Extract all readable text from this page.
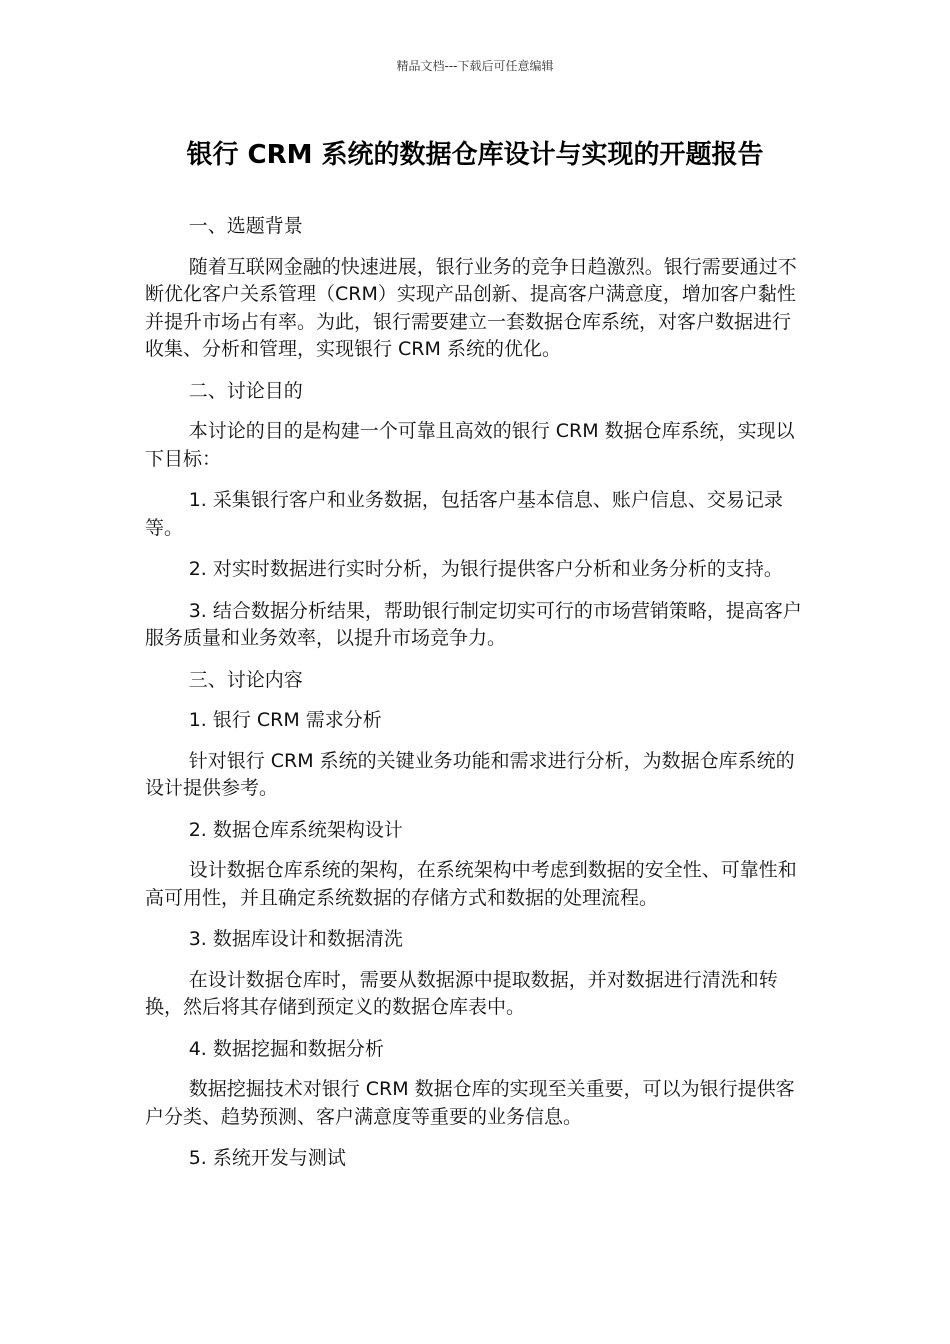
精品文档---下载后可任意编辑
银行 CRM 系统的数据仓库设计与实现的开题报告

一、选题背景

随着互联网金融的快速进展，银行业务的竞争日趋激烈。银行需要通过不断优化客户关系管理（CRM）实现产品创新、提高客户满意度，增加客户黏性并提升市场占有率。为此，银行需要建立一套数据仓库系统，对客户数据进行收集、分析和管理，实现银行 CRM 系统的优化。

二、讨论目的

本讨论的目的是构建一个可靠且高效的银行 CRM 数据仓库系统，实现以下目标：

1. 采集银行客户和业务数据，包括客户基本信息、账户信息、交易记录等。

2. 对实时数据进行实时分析，为银行提供客户分析和业务分析的支持。

3. 结合数据分析结果，帮助银行制定切实可行的市场营销策略，提高客户服务质量和业务效率，以提升市场竞争力。

三、讨论内容

1. 银行 CRM 需求分析

针对银行 CRM 系统的关键业务功能和需求进行分析，为数据仓库系统的设计提供参考。

2. 数据仓库系统架构设计

设计数据仓库系统的架构，在系统架构中考虑到数据的安全性、可靠性和高可用性，并且确定系统数据的存储方式和数据的处理流程。

3. 数据库设计和数据清洗

在设计数据仓库时，需要从数据源中提取数据，并对数据进行清洗和转换，然后将其存储到预定义的数据仓库表中。

4. 数据挖掘和数据分析

数据挖掘技术对银行 CRM 数据仓库的实现至关重要，可以为银行提供客户分类、趋势预测、客户满意度等重要的业务信息。

5. 系统开发与测试
